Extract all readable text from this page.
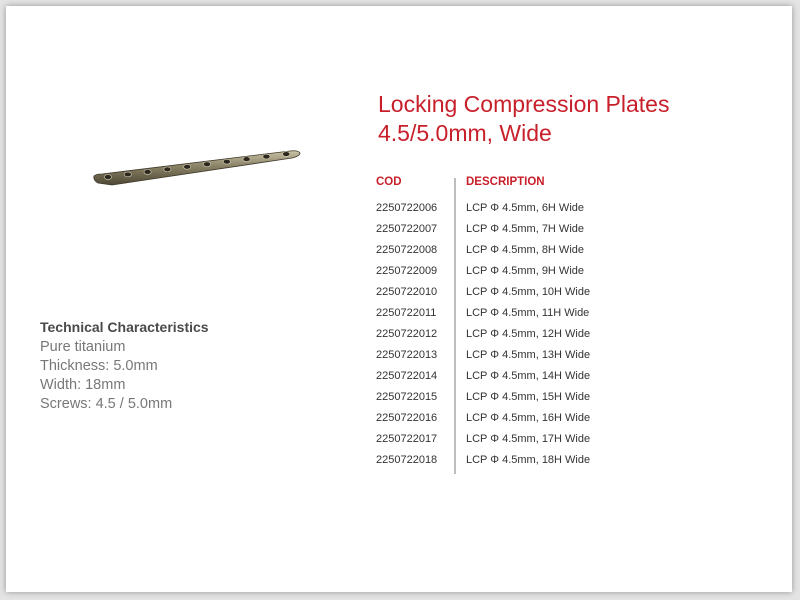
Locking Compression Plates
4.5/5.0mm, Wide
Technical Characteristics
Pure titanium
Thickness: 5.0mm
Width: 18mm
Screws: 4.5 / 5.0mm
COD	DESCRIPTION
2250722006	LCP Φ 4.5mm, 6H Wide
2250722007	LCP Φ 4.5mm, 7H Wide
2250722008	LCP Φ 4.5mm, 8H Wide
2250722009	LCP Φ 4.5mm, 9H Wide
2250722010	LCP Φ 4.5mm, 10H Wide
2250722011	LCP Φ 4.5mm, 11H Wide
2250722012	LCP Φ 4.5mm, 12H Wide
2250722013	LCP Φ 4.5mm, 13H Wide
2250722014	LCP Φ 4.5mm, 14H Wide
2250722015	LCP Φ 4.5mm, 15H Wide
2250722016	LCP Φ 4.5mm, 16H Wide
2250722017	LCP Φ 4.5mm, 17H Wide
2250722018	LCP Φ 4.5mm, 18H Wide
